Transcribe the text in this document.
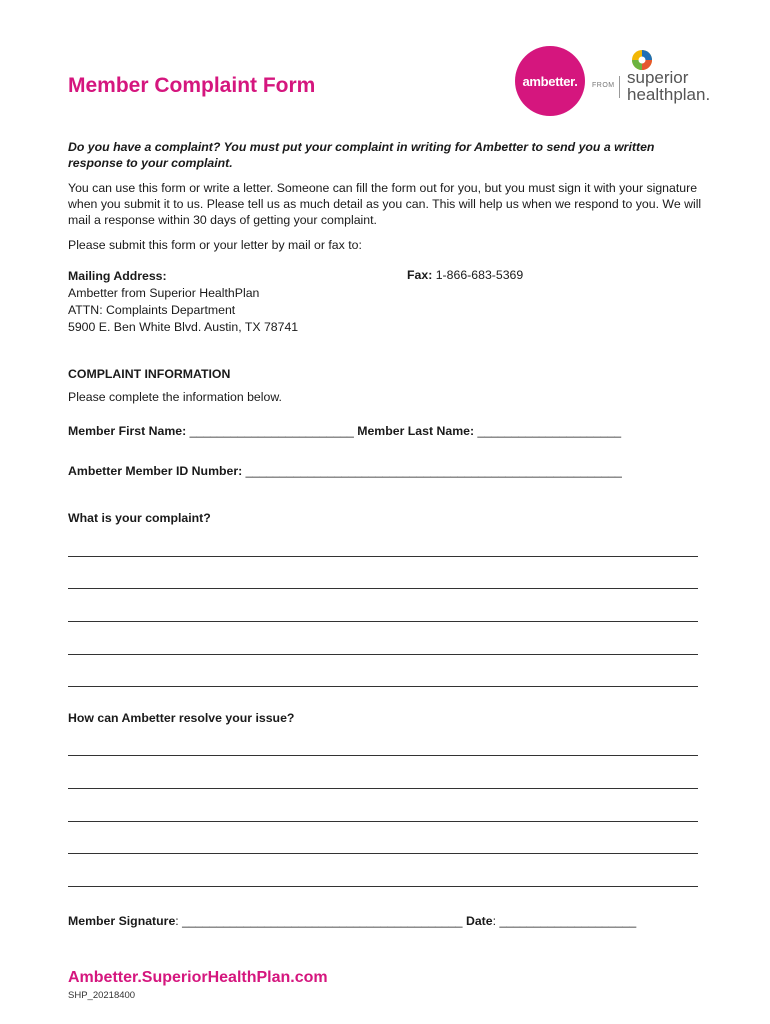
Member Complaint Form	ambetter. FROM superior
healthplan.

Do you have a complaint? You must put your complaint in writing for Ambetter to send you a written response to your complaint.

You can use this form or write a letter. Someone can fill the form out for you, but you must sign it with your signature when you submit it to us. Please tell us as much detail as you can. This will help us when we respond to you. We will mail a response within 30 days of getting your complaint.

Please submit this form or your letter by mail or fax to:

Mailing Address:
Ambetter from Superior HealthPlan
ATTN: Complaints Department
5900 E. Ben White Blvd. Austin, TX 78741
Fax: 1-866-683-5369
COMPLAINT INFORMATION
Please complete the information below.
Member First Name: ________________________ Member Last Name: _____________________
Ambetter Member ID Number: _______________________________________________________
What is your complaint?
How can Ambetter resolve your issue?
Member Signature: _________________________________________ Date: ____________________
Ambetter.SuperiorHealthPlan.com
SHP_20218400
